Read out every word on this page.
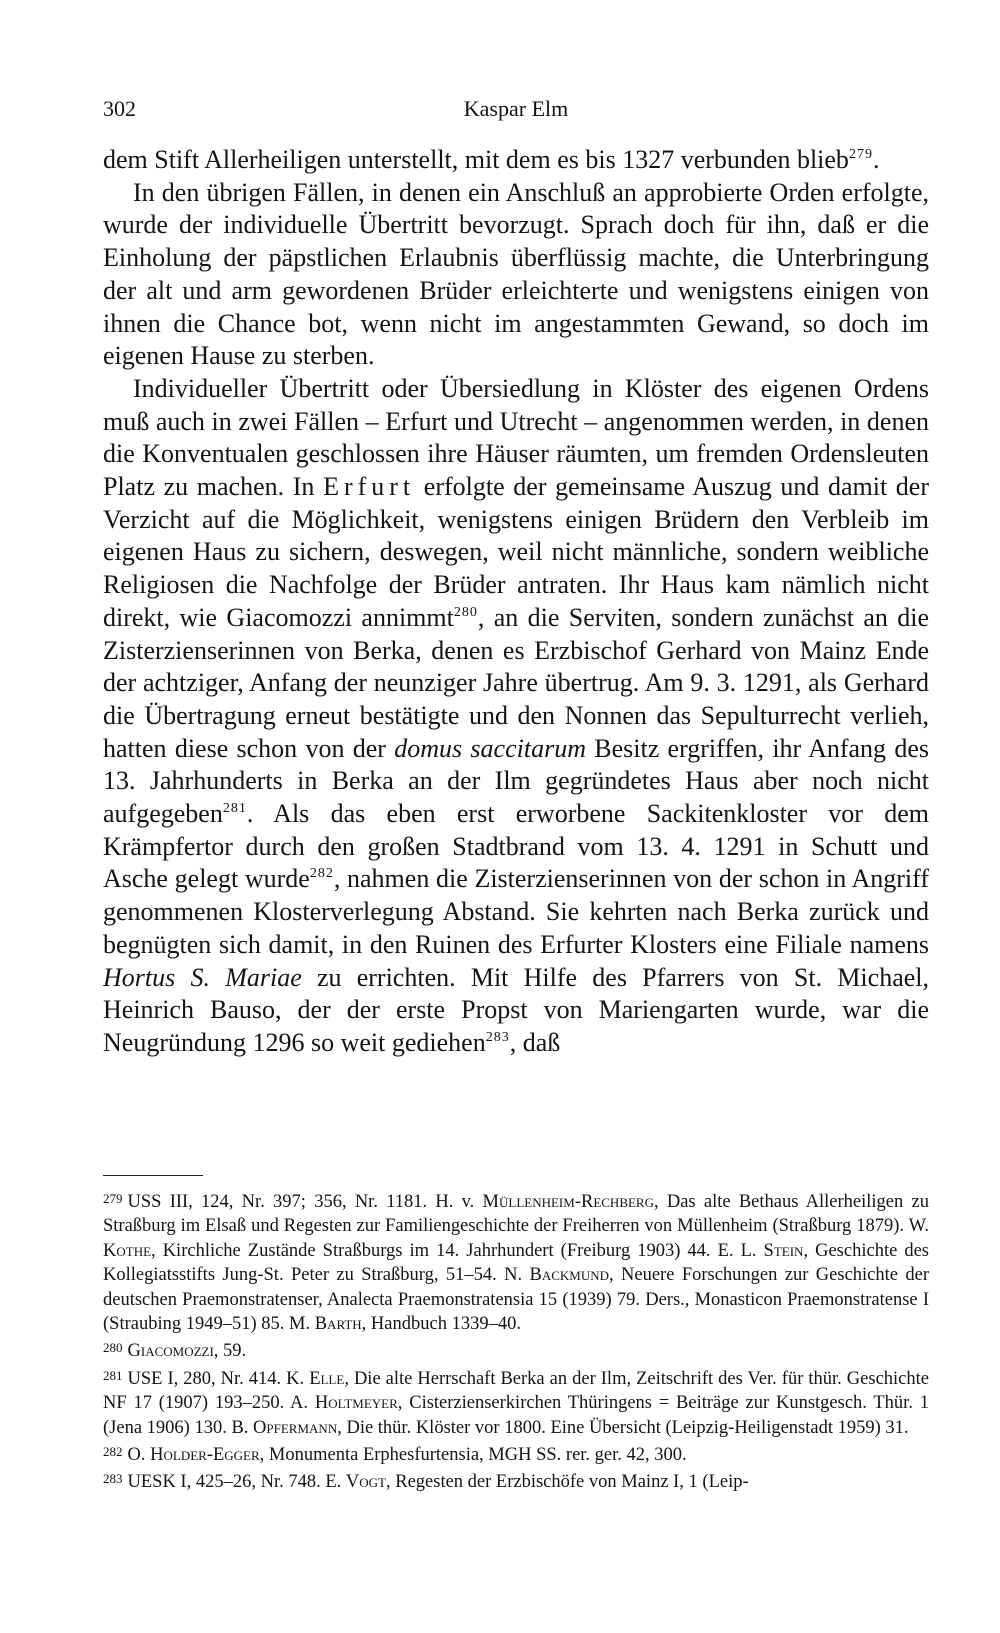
302	Kaspar Elm

dem Stift Allerheiligen unterstellt, mit dem es bis 1327 verbunden blieb$^{279}$.

In den übrigen Fällen, in denen ein Anschluß an approbierte Orden erfolgte, wurde der individuelle Übertritt bevorzugt. Sprach doch für ihn, daß er die Einholung der päpstlichen Erlaubnis überflüssig machte, die Unterbringung der alt und arm gewordenen Brüder erleichterte und wenigstens einigen von ihnen die Chance bot, wenn nicht im angestammten Gewand, so doch im eigenen Hause zu sterben.

Individueller Übertritt oder Übersiedlung in Klöster des eigenen Ordens muß auch in zwei Fällen – Erfurt und Utrecht – angenommen werden, in denen die Konventualen geschlossen ihre Häuser räumten, um fremden Ordensleuten Platz zu machen. In Erfurt erfolgte der gemeinsame Auszug und damit der Verzicht auf die Möglichkeit, wenigstens einigen Brüdern den Verbleib im eigenen Haus zu sichern, deswegen, weil nicht männliche, sondern weibliche Religiosen die Nachfolge der Brüder antraten. Ihr Haus kam nämlich nicht direkt, wie Giacomozzi annimmt$^{280}$, an die Serviten, sondern zunächst an die Zisterzienserinnen von Berka, denen es Erzbischof Gerhard von Mainz Ende der achtziger, Anfang der neunziger Jahre übertrug. Am 9. 3. 1291, als Gerhard die Übertragung erneut bestätigte und den Nonnen das Sepulturrecht verlieh, hatten diese schon von der domus saccitarum Besitz ergriffen, ihr Anfang des 13. Jahrhunderts in Berka an der Ilm gegründetes Haus aber noch nicht aufgegeben$^{281}$. Als das eben erst erworbene Sackitenkloster vor dem Krämpfertor durch den großen Stadtbrand vom 13. 4. 1291 in Schutt und Asche gelegt wurde$^{282}$, nahmen die Zisterzienserinnen von der schon in Angriff genommenen Klosterverlegung Abstand. Sie kehrten nach Berka zurück und begnügten sich damit, in den Ruinen des Erfurter Klosters eine Filiale namens Hortus S. Mariae zu errichten. Mit Hilfe des Pfarrers von St. Michael, Heinrich Bauso, der der erste Propst von Mariengarten wurde, war die Neugründung 1296 so weit gediehen$^{283}$, daß

$^{279}$ USS III, 124, Nr. 397; 356, Nr. 1181. H. v. Müllenheim-Rechberg, Das alte Bethaus Allerheiligen zu Straßburg im Elsaß und Regesten zur Familiengeschichte der Freiherren von Müllenheim (Straßburg 1879). W. Kothe, Kirchliche Zustände Straßburgs im 14. Jahrhundert (Freiburg 1903) 44. E. L. Stein, Geschichte des Kollegiatsstifts Jung-St. Peter zu Straßburg, 51–54. N. Backmund, Neuere Forschungen zur Geschichte der deutschen Praemonstratenser, Analecta Praemonstratensia 15 (1939) 79. Ders., Monasticon Praemonstratense I (Straubing 1949–51) 85. M. Barth, Handbuch 1339–40.

$^{280}$ Giacomozzi, 59.

$^{281}$ USE I, 280, Nr. 414. K. Elle, Die alte Herrschaft Berka an der Ilm, Zeitschrift des Ver. für thür. Geschichte NF 17 (1907) 193–250. A. Holtmeyer, Cisterzienserkirchen Thüringens = Beiträge zur Kunstgesch. Thür. 1 (Jena 1906) 130. B. Opfermann, Die thür. Klöster vor 1800. Eine Übersicht (Leipzig-Heiligenstadt 1959) 31.

$^{282}$ O. Holder-Egger, Monumenta Erphesfurtensia, MGH SS. rer. ger. 42, 300.

$^{283}$ UESK I, 425–26, Nr. 748. E. Vogt, Regesten der Erzbischöfe von Mainz I, 1 (Leip-
